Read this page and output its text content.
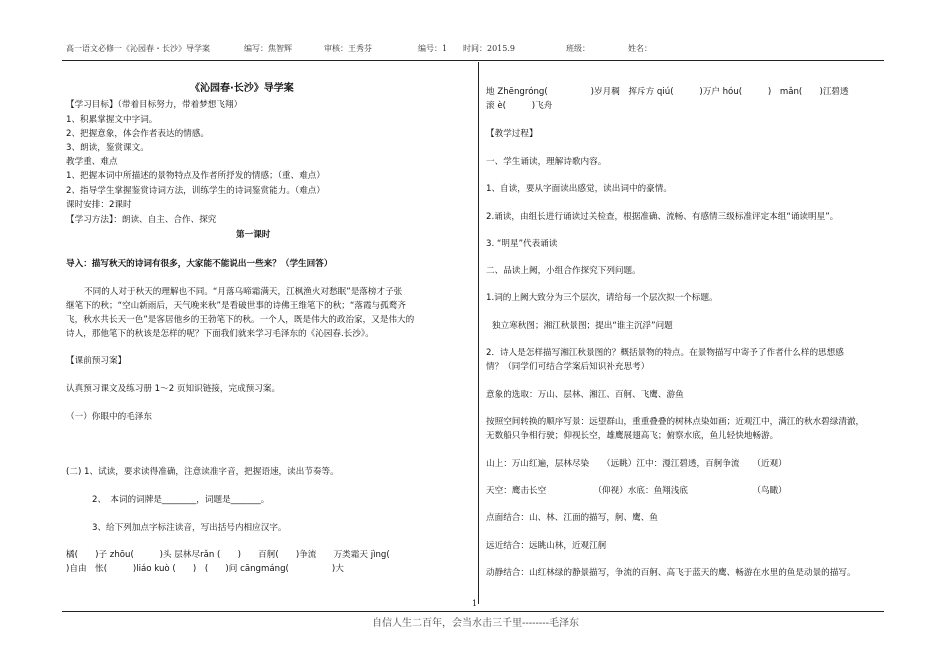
高一语文必修一《沁园春・长沙》导学案	编写：焦智辉	审核：王秀芬	编号：1 时间：2015.9	班级：	姓名：
《沁园春·长沙》导学案
【学习目标】（带着目标努力，带着梦想飞翔）
1、积累掌握文中字词。
2、把握意象，体会作者表达的情感。
3、朗读，鉴赏课文。
教学重、难点
1、把握本词中所描述的景物特点及作者所抒发的情感；（重、难点）
2、指导学生掌握鉴赏诗词方法，训练学生的诗词鉴赏能力。（难点）
课时安排：2课时
【学习方法】：朗读、自主、合作、探究
第一课时
导入：描写秋天的诗词有很多，大家能不能说出一些来？（学生回答）
不同的人对于秋天的理解也不同。“月落乌啼霜满天，江枫渔火对愁眠”是落榜才子张
继笔下的秋；“空山新雨后，天气晚来秋”是看破世事的诗佛王维笔下的秋；“落霞与孤鹜齐
飞，秋水共长天一色”是客居他乡的王勃笔下的秋。一个人，既是伟大的政治家，又是伟大的
诗人，那他笔下的秋该是怎样的呢？下面我们就来学习毛泽东的《沁园春.长沙》。
【课前预习案】
认真预习课文及练习册 1～2 页知识链接，完成预习案。
（一）你眼中的毛泽东
(二) 1、试读，要求读得准确，注意读准字音，把握语速，读出节奏等。
2、　本词的词牌是________，词题是_______。
3、给下列加点字标注读音，写出括号内相应汉字。
橘(　　)子 zhōu(　　　)头 层林尽rǎn (　　)　　百舸(　　)争流　　万类霜天 jìng(
)自由　怅(　　　)liáo kuò (　　)　(　　)问 cāngmáng(　　　　　)大
地 Zhēngróng(　　　　　)岁月稠　挥斥方 qiú(　　　)万户 hóu(　　　)　mǎn(　　)江碧透
滚 è(　　　)飞舟
【教学过程】
一、学生诵读，理解诗歌内容。
1、自读，要从字面读出感觉，读出词中的豪情。
2.诵读，由组长进行诵读过关检查，根据准确、流畅、有感情三级标准评定本组“诵读明星”。
3. “明星”代表诵读
二、品读上阙，小组合作探究下列问题。
1.词的上阙大致分为三个层次，请给每一个层次拟一个标题。
独立寒秋图；湘江秋景图；提出“谁主沉浮”问题
2．诗人是怎样描写湘江秋景图的？概括景物的特点。在景物描写中寄予了作者什么样的思想感
情？（同学们可结合学案后知识补充思考）
意象的选取：万山、层林、湘江、百舸、飞鹰、游鱼
按照空间转换的顺序写景：远望群山，重重叠叠的树林点染如画；近观江中，满江的秋水碧绿清澈，
无数船只争相行驶；仰视长空，雄鹰展翅高飞；俯察水底，鱼儿轻快地畅游。
山上：万山红遍，层林尽染　　（远眺）江中：漫江碧透，百舸争流　　（近观）
天空：鹰击长空　　　　　　（仰视）水底：鱼翔浅底　　　　　　　　（鸟瞰）
点面结合：山、林、江面的描写，舸、鹰、鱼
远近结合：远眺山林，近观江舸
动静结合：山红林绿的静景描写，争流的百舸、高飞于蓝天的鹰、畅游在水里的鱼是动景的描写。
1
自信人生二百年，会当水击三千里--------毛泽东
